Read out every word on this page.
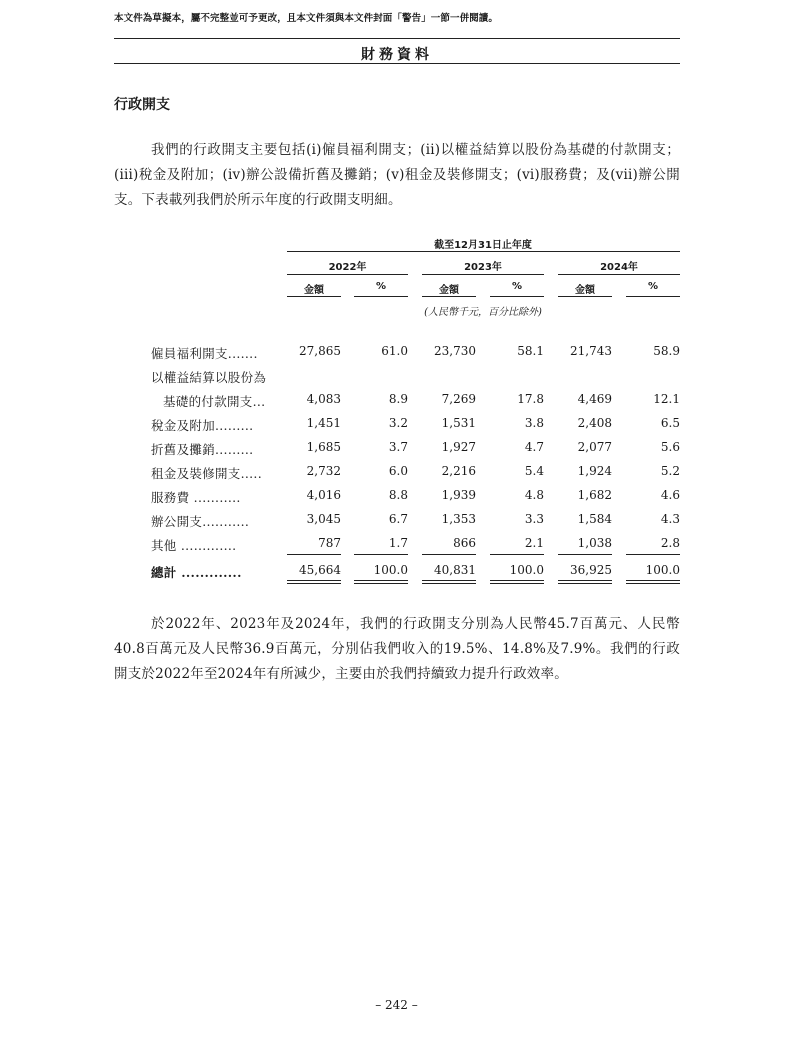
本文件為草擬本，屬不完整並可予更改，且本文件須與本文件封面「警告」一節一併閱讀。
財務資料
行政開支

我們的行政開支主要包括(i)僱員福利開支；(ii)以權益結算以股份為基礎的付款開支；(iii)稅金及附加；(iv)辦公設備折舊及攤銷；(v)租金及裝修開支；(vi)服務費；及(vii)辦公開支。下表載列我們於所示年度的行政開支明細。

截至12月31日止年度
2022年	2023年	2024年
金額	%	金額	%	金額	%
(人民幣千元，百分比除外)
僱員福利開支.......	27,865	61.0	23,730	58.1	21,743	58.9
以權益結算以股份為
基礎的付款開支...	4,083	8.9	7,269	17.8	4,469	12.1
稅金及附加.........	1,451	3.2	1,531	3.8	2,408	6.5
折舊及攤銷.........	1,685	3.7	1,927	4.7	2,077	5.6
租金及裝修開支.....	2,732	6.0	2,216	5.4	1,924	5.2
服務費 ...........	4,016	8.8	1,939	4.8	1,682	4.6
辦公開支...........	3,045	6.7	1,353	3.3	1,584	4.3
其他 .............	787	1.7	866	2.1	1,038	2.8
總計 .............	45,664	100.0	40,831	100.0	36,925	100.0

於2022年、2023年及2024年，我們的行政開支分別為人民幣45.7百萬元、人民幣40.8百萬元及人民幣36.9百萬元，分別佔我們收入的19.5%、14.8%及7.9%。我們的行政開支於2022年至2024年有所減少，主要由於我們持續致力提升行政效率。

– 242 –
